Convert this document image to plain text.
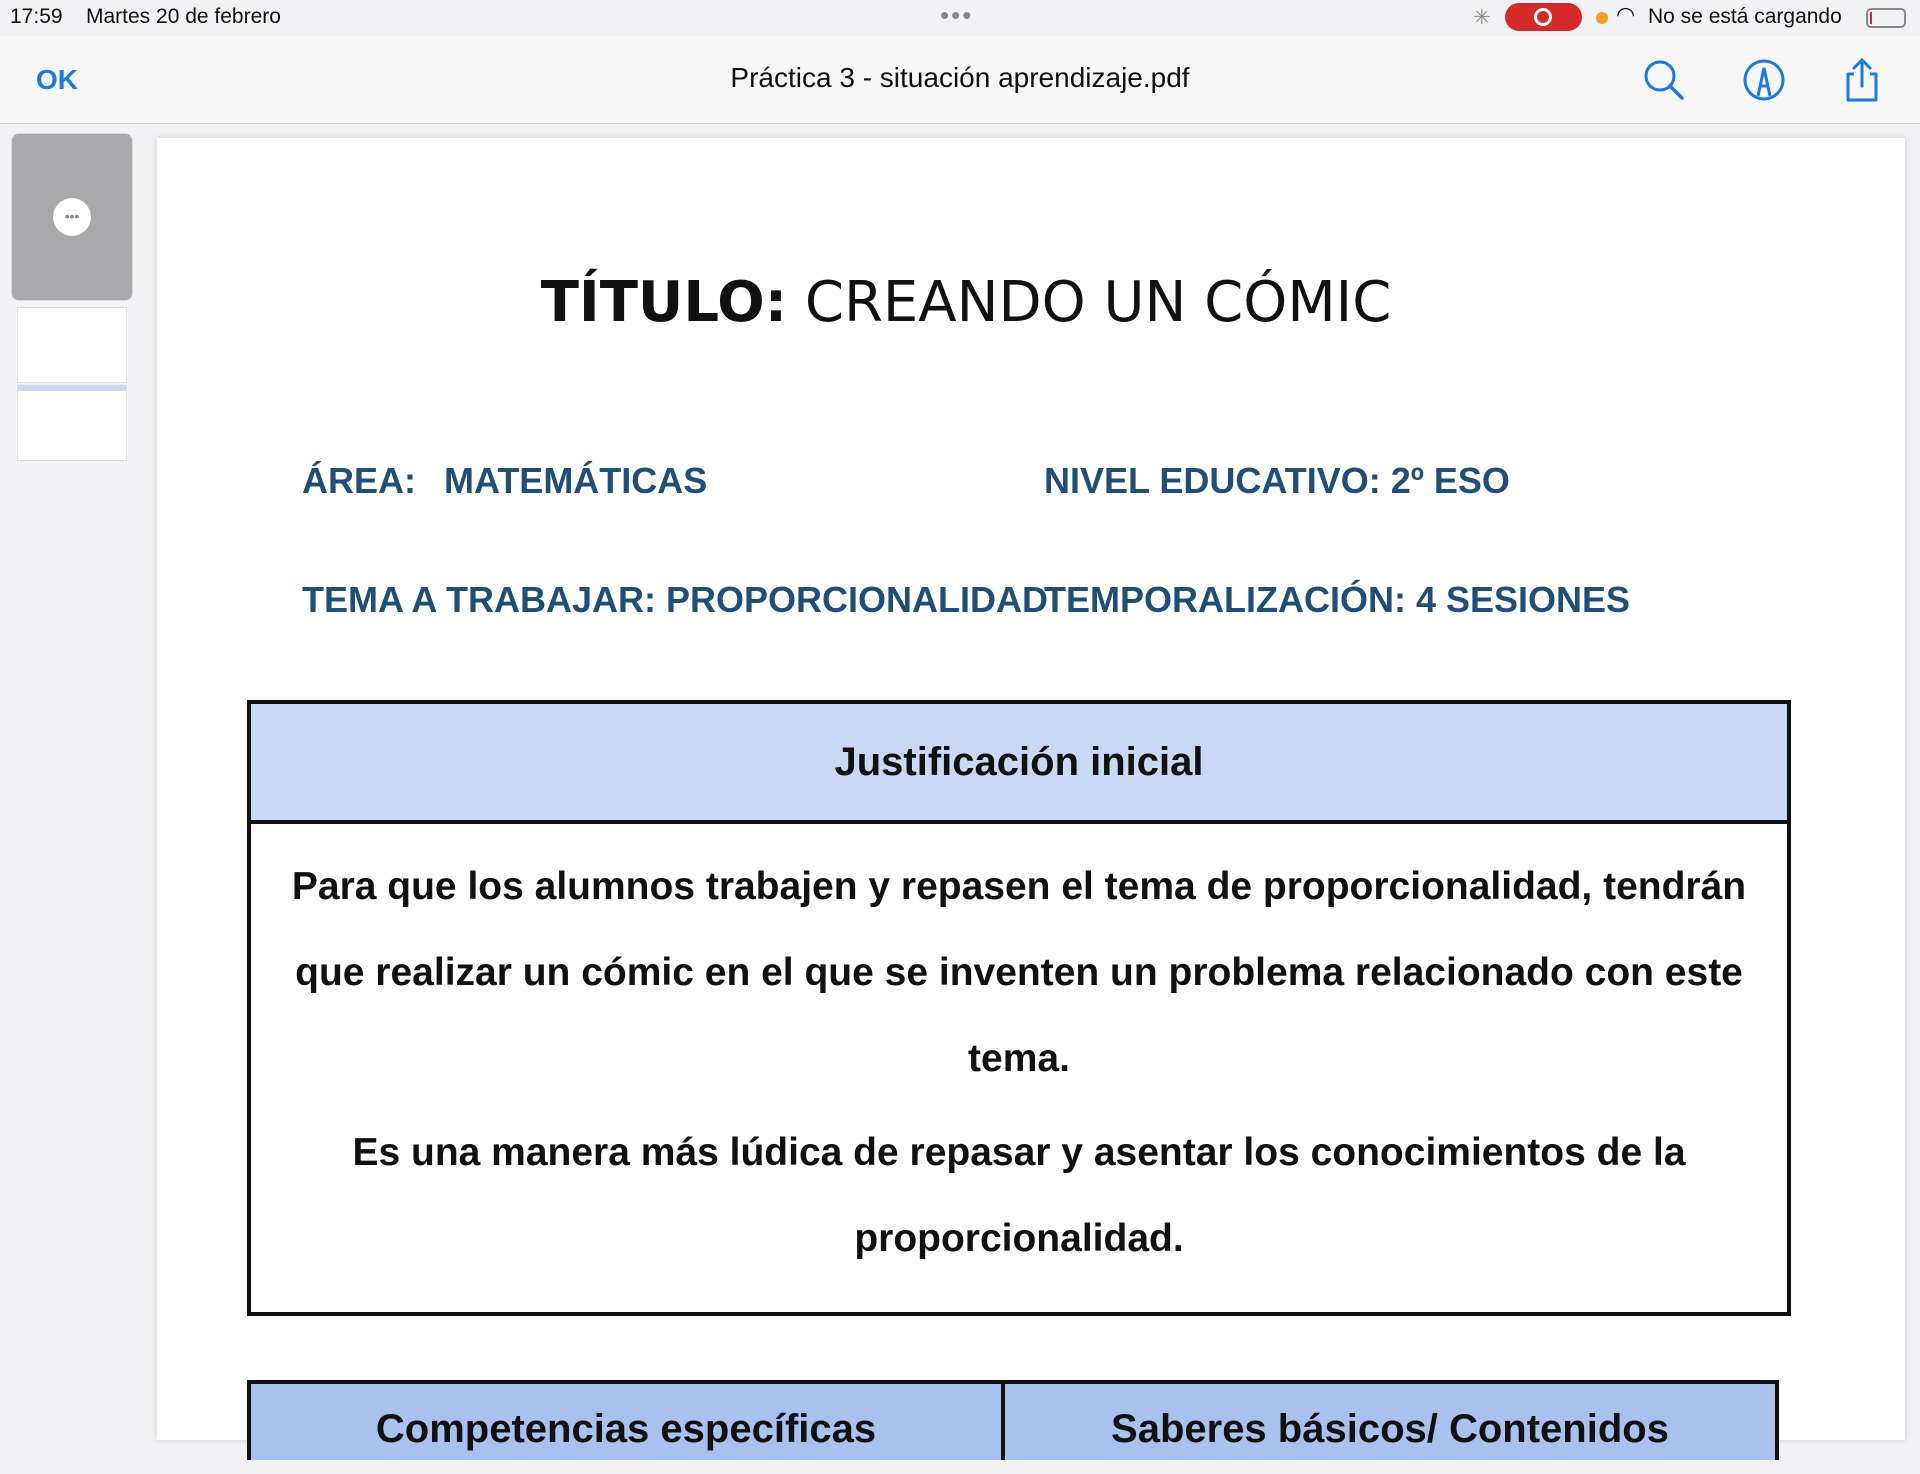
17:59 Martes 20 de febrero	•••	✳	◠ No se está cargando
OK	Práctica 3 - situación aprendizaje.pdf
•••
TÍTULO: CREANDO UN CÓMIC
ÁREA: MATEMÁTICAS	NIVEL EDUCATIVO: 2º ESO
TEMA A TRABAJAR: PROPORCIONALIDAD
TEMPORALIZACIÓN: 4 SESIONES
Justificación inicial

Para que los alumnos trabajen y repasen el tema de proporcionalidad, tendrán que realizar un cómic en el que se inventen un problema relacionado con este tema.

Es una manera más lúdica de repasar y asentar los conocimientos de la proporcionalidad.

Competencias específicas	Saberes básicos/ Contenidos
